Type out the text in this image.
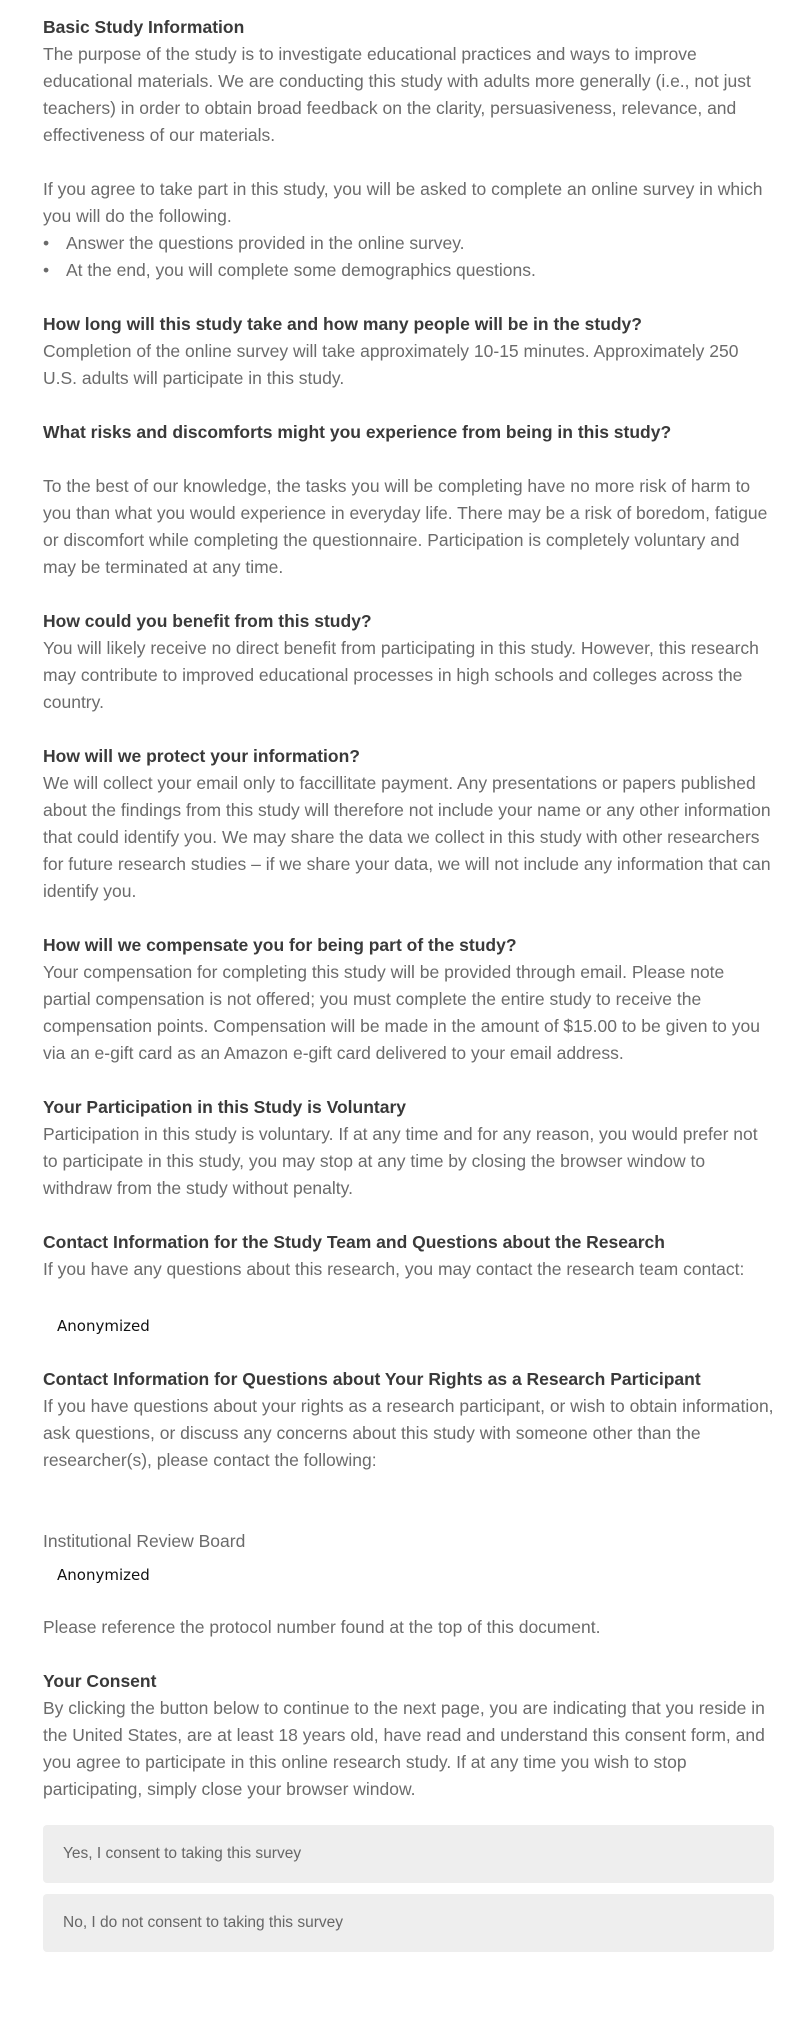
Basic Study Information

The purpose of the study is to investigate educational practices and ways to improve educational materials. We are conducting this study with adults more generally (i.e., not just teachers) in order to obtain broad feedback on the clarity, persuasiveness, relevance, and effectiveness of our materials.

If you agree to take part in this study, you will be asked to complete an online survey in which you will do the following.

• Answer the questions provided in the online survey.
• At the end, you will complete some demographics questions.

How long will this study take and how many people will be in the study?

Completion of the online survey will take approximately 10-15 minutes. Approximately 250 U.S. adults will participate in this study.

What risks and discomforts might you experience from being in this study?

To the best of our knowledge, the tasks you will be completing have no more risk of harm to you than what you would experience in everyday life. There may be a risk of boredom, fatigue or discomfort while completing the questionnaire. Participation is completely voluntary and may be terminated at any time.

How could you benefit from this study?

You will likely receive no direct benefit from participating in this study. However, this research may contribute to improved educational processes in high schools and colleges across the country.

How will we protect your information?

We will collect your email only to faccillitate payment. Any presentations or papers published about the findings from this study will therefore not include your name or any other information that could identify you. We may share the data we collect in this study with other researchers for future research studies – if we share your data, we will not include any information that can identify you.

How will we compensate you for being part of the study?

Your compensation for completing this study will be provided through email. Please note partial compensation is not offered; you must complete the entire study to receive the compensation points. Compensation will be made in the amount of $15.00 to be given to you via an e-gift card as an Amazon e-gift card delivered to your email address.

Your Participation in this Study is Voluntary

Participation in this study is voluntary. If at any time and for any reason, you would prefer not to participate in this study, you may stop at any time by closing the browser window to withdraw from the study without penalty.

Contact Information for the Study Team and Questions about the Research

If you have any questions about this research, you may contact the research team contact:

Anonymized

Contact Information for Questions about Your Rights as a Research Participant

If you have questions about your rights as a research participant, or wish to obtain information, ask questions, or discuss any concerns about this study with someone other than the researcher(s), please contact the following:

Institutional Review Board

Anonymized

Please reference the protocol number found at the top of this document.

Your Consent

By clicking the button below to continue to the next page, you are indicating that you reside in the United States, are at least 18 years old, have read and understand this consent form, and you agree to participate in this online research study. If at any time you wish to stop participating, simply close your browser window.

Yes, I consent to taking this survey
No, I do not consent to taking this survey
